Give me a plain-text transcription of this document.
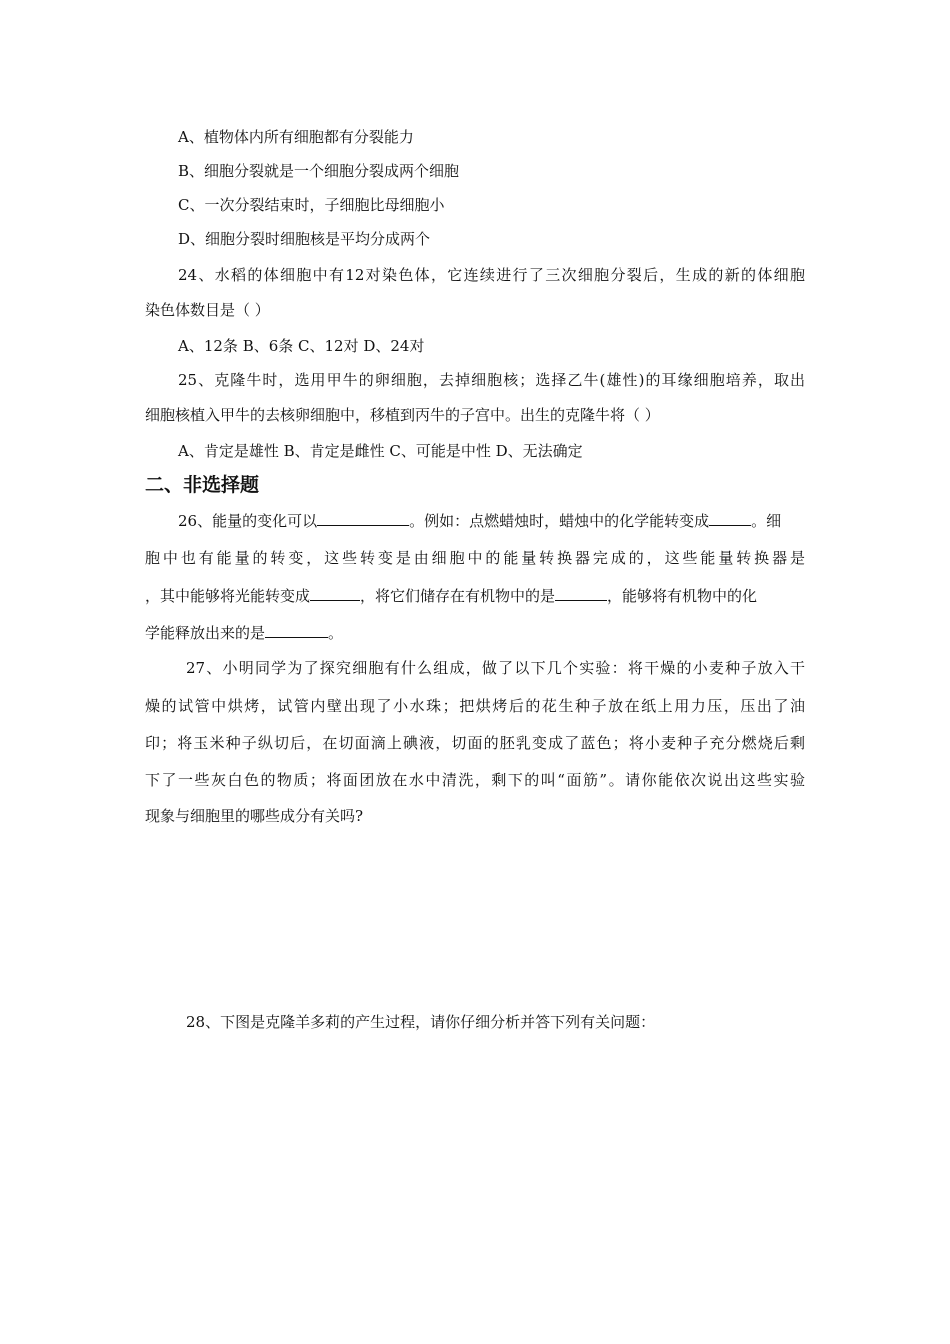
A、植物体内所有细胞都有分裂能力
B、细胞分裂就是一个细胞分裂成两个细胞
C、一次分裂结束时，子细胞比母细胞小
D、细胞分裂时细胞核是平均分成两个
24、水稻的体细胞中有12对染色体，它连续进行了三次细胞分裂后，生成的新的体细胞
染色体数目是（ ）
A、12条 B、6条 C、12对 D、24对
25、克隆牛时，选用甲牛的卵细胞，去掉细胞核；选择乙牛(雄性)的耳缘细胞培养，取出
细胞核植入甲牛的去核卵细胞中，移植到丙牛的子宫中。出生的克隆牛将（ ）
A、肯定是雄性 B、肯定是雌性 C、可能是中性 D、无法确定
二、非选择题
26、能量的变化可以	。例如：点燃蜡烛时，蜡烛中的化学能转变成	。细
胞中也有能量的转变，这些转变是由细胞中的能量转换器完成的，这些能量转换器是
，其中能够将光能转变成	，将它们储存在有机物中的是	，能够将有机物中的化
学能释放出来的是	。
27、小明同学为了探究细胞有什么组成，做了以下几个实验：将干燥的小麦种子放入干
燥的试管中烘烤，试管内壁出现了小水珠；把烘烤后的花生种子放在纸上用力压，压出了油
印；将玉米种子纵切后，在切面滴上碘液，切面的胚乳变成了蓝色；将小麦种子充分燃烧后剩
下了一些灰白色的物质；将面团放在水中清洗，剩下的叫“面筋”。请你能依次说出这些实验
现象与细胞里的哪些成分有关吗?
28、下图是克隆羊多莉的产生过程，请你仔细分析并答下列有关问题：
